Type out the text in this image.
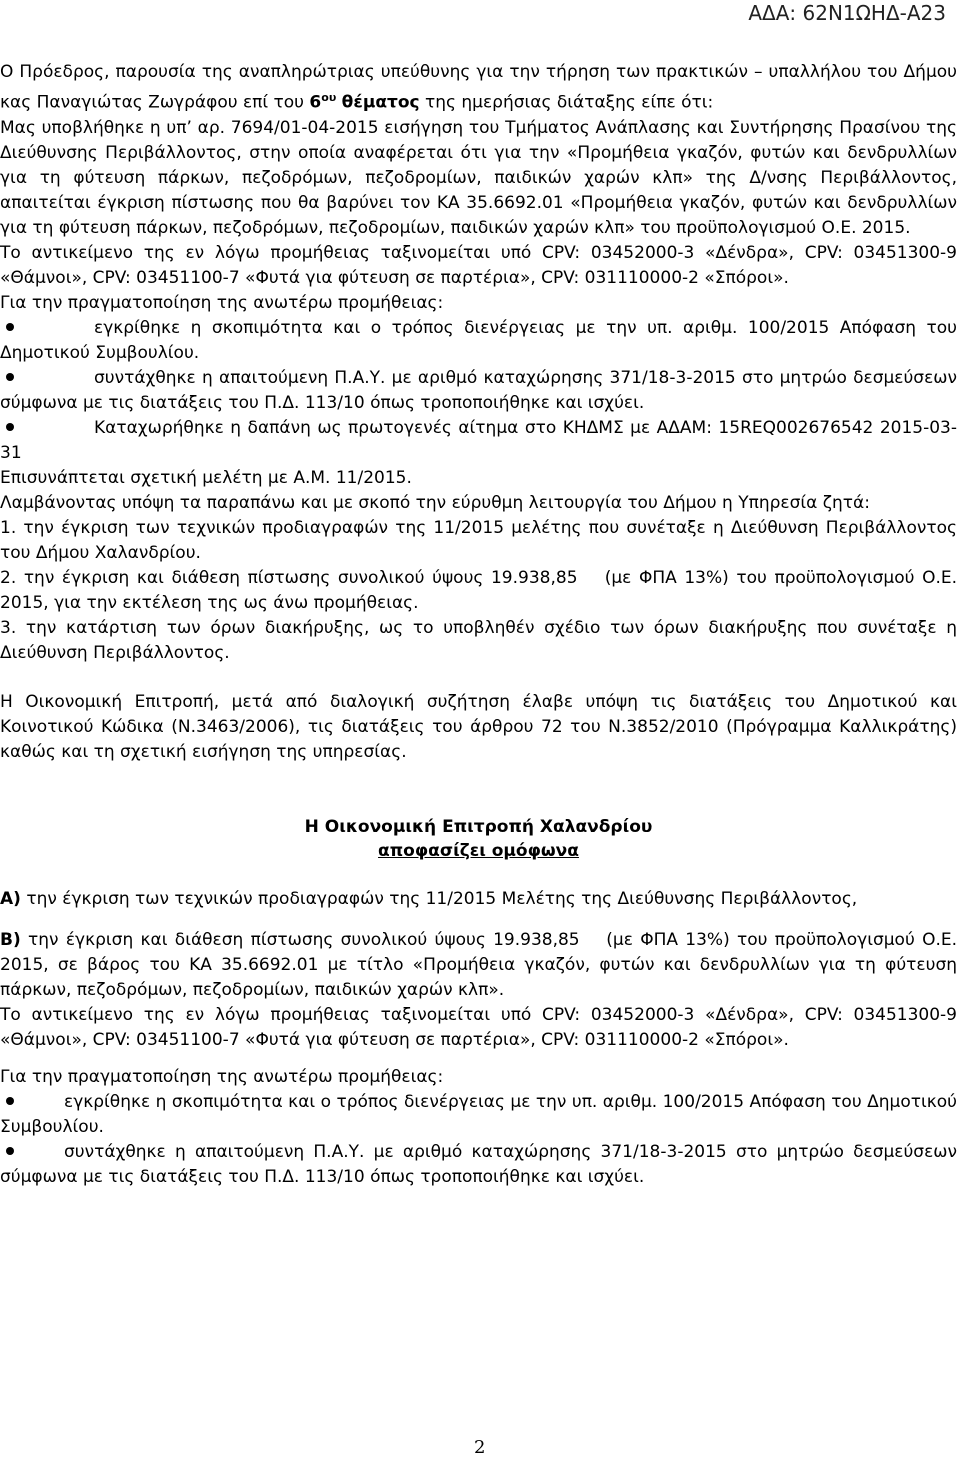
ΑΔΑ: 62Ν1ΩΗΔ-Α23

Ο Πρόεδρος, παρουσία της αναπληρώτριας υπεύθυνης για την τήρηση των πρακτικών – υπαλλήλου του Δήμου κας Παναγιώτας Ζωγράφου επί του $6^{o\upsilon}$ θέματος της ημερήσιας διάταξης είπε ότι:

Μας υποβλήθηκε η υπ’ αρ. 7694/01-04-2015 εισήγηση του Τμήματος Ανάπλασης και Συντήρησης Πρασίνου της Διεύθυνσης Περιβάλλοντος, στην οποία αναφέρεται ότι για την «Προμήθεια γκαζόν, φυτών και δενδρυλλίων για τη φύτευση πάρκων, πεζοδρόμων, πεζοδρομίων, παιδικών χαρών κλπ» της Δ/νσης Περιβάλλοντος, απαιτείται έγκριση πίστωσης που θα βαρύνει τον ΚΑ 35.6692.01 «Προμήθεια γκαζόν, φυτών και δενδρυλλίων για τη φύτευση πάρκων, πεζοδρόμων, πεζοδρομίων, παιδικών χαρών κλπ» του προϋπολογισμού Ο.Ε. 2015.

Το αντικείμενο της εν λόγω προμήθειας ταξινομείται υπό CPV: 03452000-3 «Δένδρα», CPV: 03451300-9 «Θάμνοι», CPV: 03451100-7 «Φυτά για φύτευση σε παρτέρια», CPV: 031110000-2 «Σπόροι».

Για την πραγματοποίηση της ανωτέρω προμήθειας:

εγκρίθηκε η σκοπιμότητα και ο τρόπος διενέργειας με την υπ. αριθμ. 100/2015 Απόφαση του Δημοτικού Συμβουλίου.

συντάχθηκε η απαιτούμενη Π.Α.Υ. με αριθμό καταχώρησης 371/18-3-2015 στο μητρώο δεσμεύσεων σύμφωνα με τις διατάξεις του Π.Δ. 113/10 όπως τροποποιήθηκε και ισχύει.

Καταχωρήθηκε η δαπάνη ως πρωτογενές αίτημα στο ΚΗΔΜΣ με ΑΔΑΜ: 15REQ002676542 2015-03-31

Επισυνάπτεται σχετική μελέτη με Α.Μ. 11/2015.

Λαμβάνοντας υπόψη τα παραπάνω και με σκοπό την εύρυθμη λειτουργία του Δήμου η Υπηρεσία ζητά:

1. την έγκριση των τεχνικών προδιαγραφών της 11/2015 μελέτης που συνέταξε η Διεύθυνση Περιβάλλοντος του Δήμου Χαλανδρίου.

2. την έγκριση και διάθεση πίστωσης συνολικού ύψους 19.938,85 (με ΦΠΑ 13%) του προϋπολογισμού Ο.Ε. 2015, για την εκτέλεση της ως άνω προμήθειας.

3. την κατάρτιση των όρων διακήρυξης, ως το υποβληθέν σχέδιο των όρων διακήρυξης που συνέταξε η Διεύθυνση Περιβάλλοντος.

Η Οικονομική Επιτροπή, μετά από διαλογική συζήτηση έλαβε υπόψη τις διατάξεις του Δημοτικού και Κοινοτικού Κώδικα (Ν.3463/2006), τις διατάξεις του άρθρου 72 του Ν.3852/2010 (Πρόγραμμα Καλλικράτης) καθώς και τη σχετική εισήγηση της υπηρεσίας.

Η Οικονομική Επιτροπή Χαλανδρίου

αποφασίζει ομόφωνα

Α) την έγκριση των τεχνικών προδιαγραφών της 11/2015 Μελέτης της Διεύθυνσης Περιβάλλοντος,

Β) την έγκριση και διάθεση πίστωσης συνολικού ύψους 19.938,85 (με ΦΠΑ 13%) του προϋπολογισμού Ο.Ε. 2015, σε βάρος του ΚΑ 35.6692.01 με τίτλο «Προμήθεια γκαζόν, φυτών και δενδρυλλίων για τη φύτευση πάρκων, πεζοδρόμων, πεζοδρομίων, παιδικών χαρών κλπ».

Το αντικείμενο της εν λόγω προμήθειας ταξινομείται υπό CPV: 03452000-3 «Δένδρα», CPV: 03451300-9 «Θάμνοι», CPV: 03451100-7 «Φυτά για φύτευση σε παρτέρια», CPV: 031110000-2 «Σπόροι».

Για την πραγματοποίηση της ανωτέρω προμήθειας:

εγκρίθηκε η σκοπιμότητα και ο τρόπος διενέργειας με την υπ. αριθμ. 100/2015 Απόφαση του Δημοτικού Συμβουλίου.

συντάχθηκε η απαιτούμενη Π.Α.Υ. με αριθμό καταχώρησης 371/18-3-2015 στο μητρώο δεσμεύσεων σύμφωνα με τις διατάξεις του Π.Δ. 113/10 όπως τροποποιήθηκε και ισχύει.

2
